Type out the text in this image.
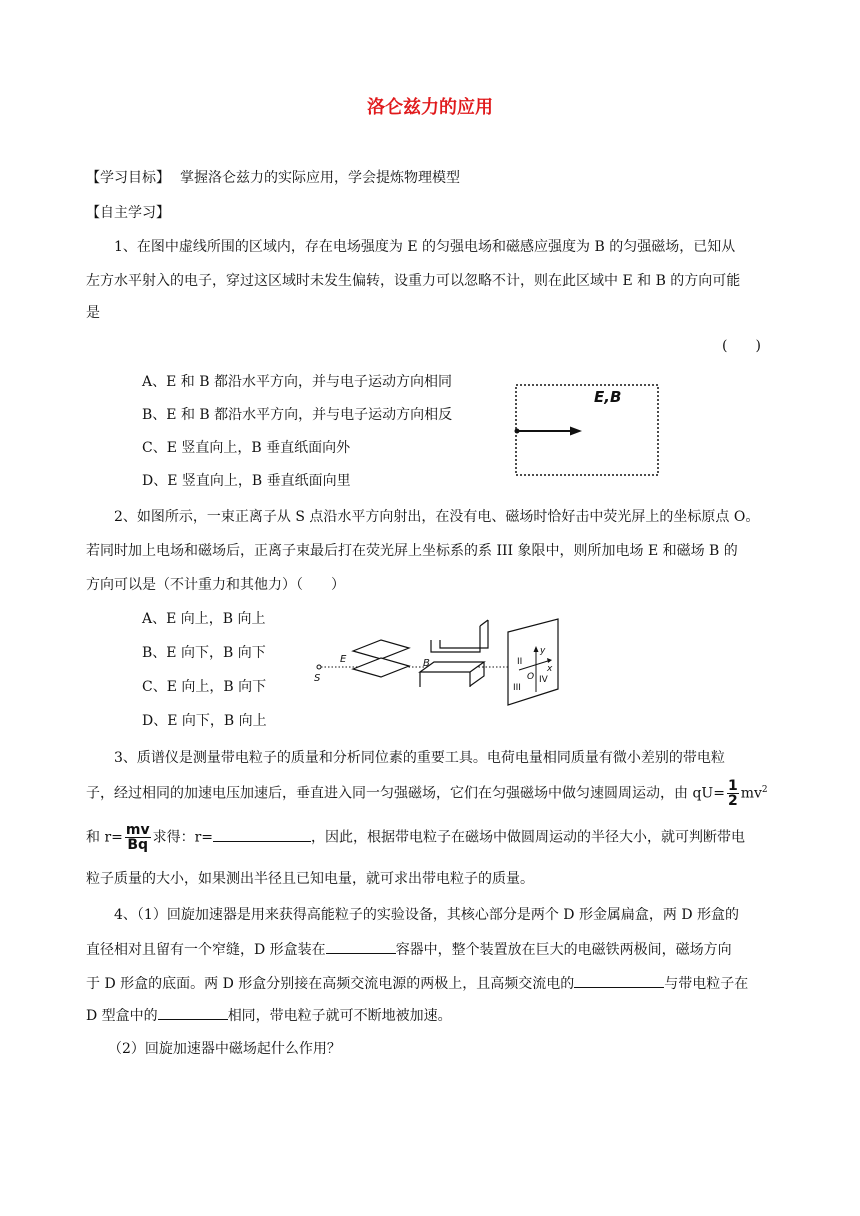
洛仑兹力的应用
【学习目标】 掌握洛仑兹力的实际应用，学会提炼物理模型
【自主学习】
1、在图中虚线所围的区域内，存在电场强度为 E 的匀强电场和磁感应强度为 B 的匀强磁场，已知从
左方水平射入的电子，穿过这区域时未发生偏转，设重力可以忽略不计，则在此区域中 E 和 B 的方向可能
是
(　　)
A、E 和 B 都沿水平方向，并与电子运动方向相同
B、E 和 B 都沿水平方向，并与电子运动方向相反
C、E 竖直向上，B 垂直纸面向外
D、E 竖直向上，B 垂直纸面向里
E,B
2、如图所示，一束正离子从 S 点沿水平方向射出，在没有电、磁场时恰好击中荧光屏上的坐标原点 O。
若同时加上电场和磁场后，正离子束最后打在荧光屏上坐标系的系 III 象限中，则所加电场 E 和磁场 B 的
方向可以是（不计重力和其他力）（　　）
A、E 向上，B 向上
B、E 向下，B 向下
C、E 向上，B 向下
D、E 向下，B 向上
S
E	B
y
x
II
III
IV
O
3、质谱仪是测量带电粒子的质量和分析同位素的重要工具。电荷电量相同质量有微小差别的带电粒
子，经过相同的加速电压加速后，垂直进入同一匀强磁场，它们在匀强磁场中做匀速圆周运动，由 $qU= \frac{1}{2} mv^2$
和 $r= \frac{mv}{Bq}$ 求得：r=	，因此，根据带电粒子在磁场中做圆周运动的半径大小，就可判断带电
粒子质量的大小，如果测出半径且已知电量，就可求出带电粒子的质量。
4、（1）回旋加速器是用来获得高能粒子的实验设备，其核心部分是两个 D 形金属扁盒，两 D 形盒的
直径相对且留有一个窄缝，D 形盒装在	容器中，整个装置放在巨大的电磁铁两极间，磁场方向
于 D 形盒的底面。两 D 形盒分别接在高频交流电源的两极上，且高频交流电的	与带电粒子在
D 型盒中的	相同，带电粒子就可不断地被加速。
（2）回旋加速器中磁场起什么作用？
